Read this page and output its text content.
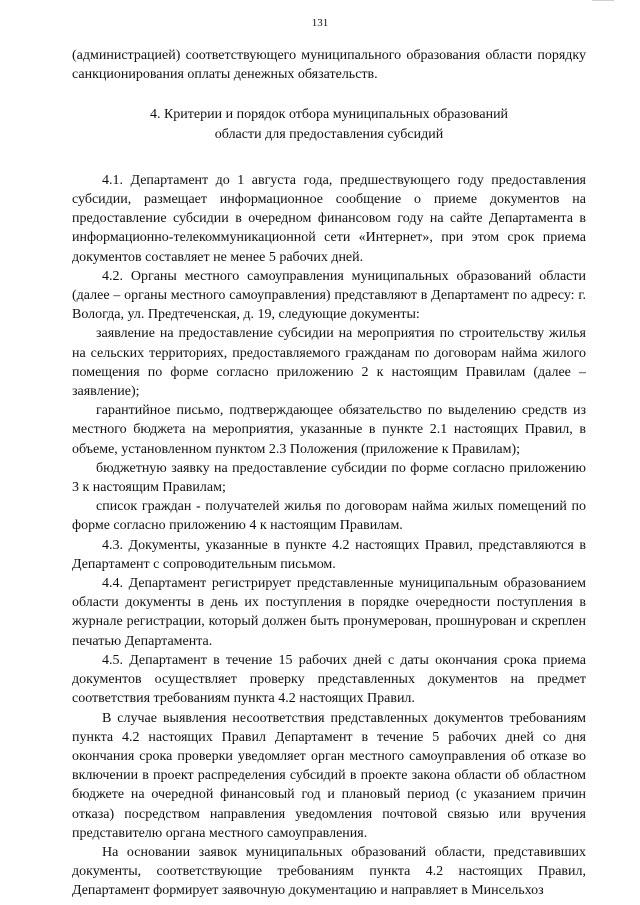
131

(администрацией) соответствующего муниципального образования области порядку санкционирования оплаты денежных обязательств.

4. Критерии и порядок отбора муниципальных образований
области для предоставления субсидий

4.1. Департамент до 1 августа года, предшествующего году предоставления субсидии, размещает информационное сообщение о приеме документов на предоставление субсидии в очередном финансовом году на сайте Департамента в информационно-телекоммуникационной сети «Интернет», при этом срок приема документов составляет не менее 5 рабочих дней.

4.2. Органы местного самоуправления муниципальных образований области (далее – органы местного самоуправления) представляют в Департамент по адресу: г. Вологда, ул. Предтеченская, д. 19, следующие документы:

заявление на предоставление субсидии на мероприятия по строительству жилья на сельских территориях, предоставляемого гражданам по договорам найма жилого помещения по форме согласно приложению 2 к настоящим Правилам (далее – заявление);

гарантийное письмо, подтверждающее обязательство по выделению средств из местного бюджета на мероприятия, указанные в пункте 2.1 настоящих Правил, в объеме, установленном пунктом 2.3 Положения (приложение к Правилам);

бюджетную заявку на предоставление субсидии по форме согласно приложению 3 к настоящим Правилам;

список граждан - получателей жилья по договорам найма жилых помещений по форме согласно приложению 4 к настоящим Правилам.

4.3. Документы, указанные в пункте 4.2 настоящих Правил, представляются в Департамент с сопроводительным письмом.

4.4. Департамент регистрирует представленные муниципальным образованием области документы в день их поступления в порядке очередности поступления в журнале регистрации, который должен быть пронумерован, прошнурован и скреплен печатью Департамента.

4.5. Департамент в течение 15 рабочих дней с даты окончания срока приема документов осуществляет проверку представленных документов на предмет соответствия требованиям пункта 4.2 настоящих Правил.

В случае выявления несоответствия представленных документов требованиям пункта 4.2 настоящих Правил Департамент в течение 5 рабочих дней со дня окончания срока проверки уведомляет орган местного самоуправления об отказе во включении в проект распределения субсидий в проекте закона области об областном бюджете на очередной финансовый год и плановый период (с указанием причин отказа) посредством направления уведомления почтовой связью или вручения представителю органа местного самоуправления.

На основании заявок муниципальных образований области, представивших документы, соответствующие требованиям пункта 4.2 настоящих Правил, Департамент формирует заявочную документацию и направляет в Минсельхоз
